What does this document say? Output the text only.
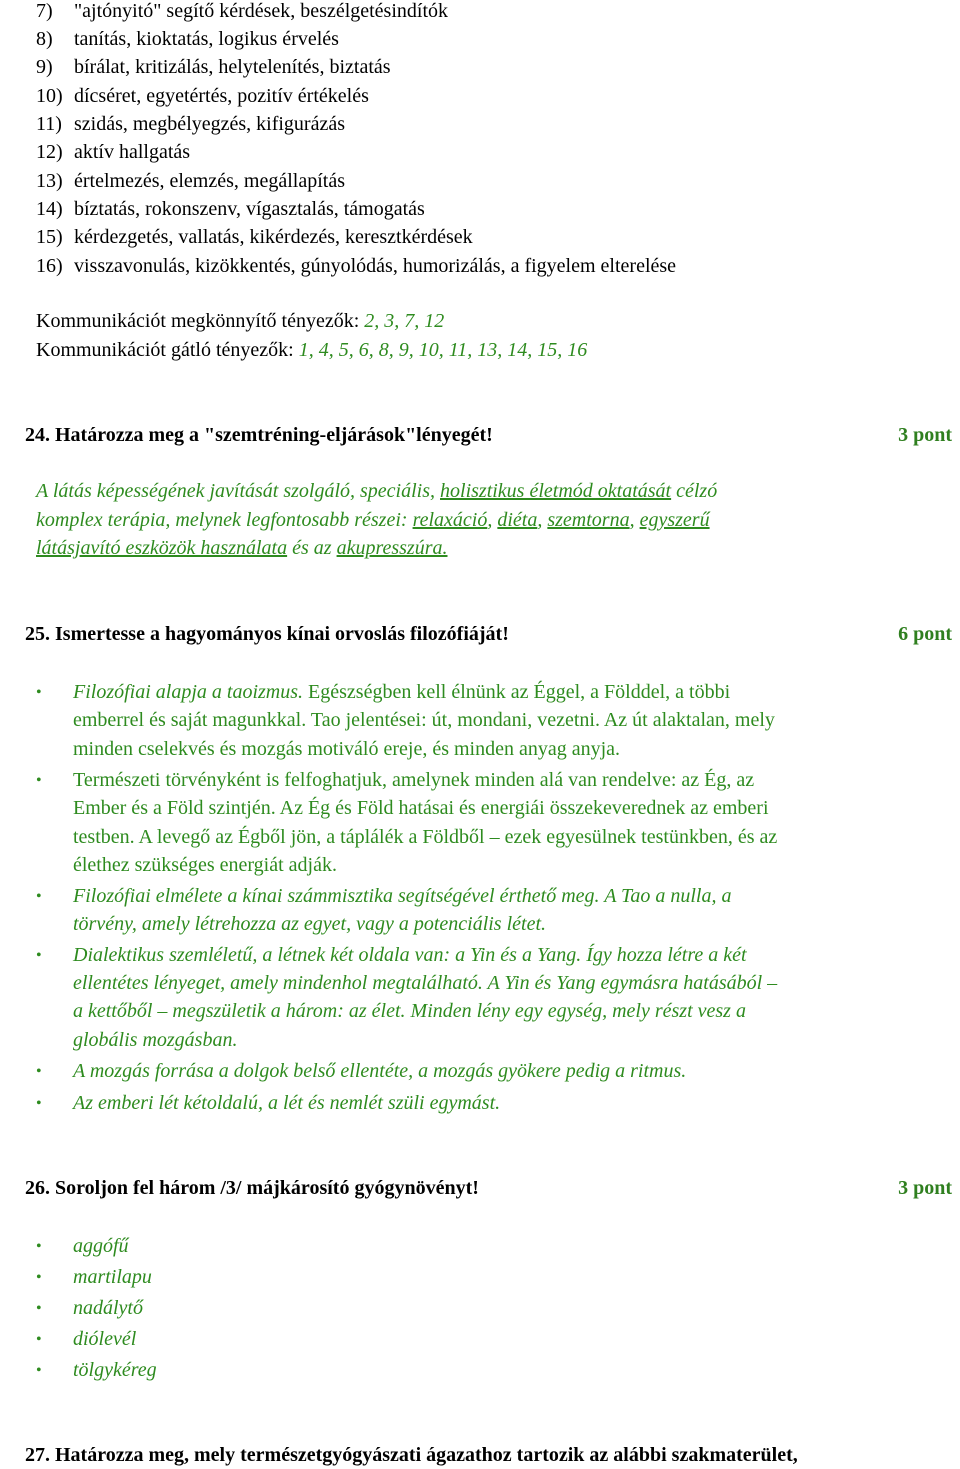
7) "ajtónyitó" segítő kérdések, beszélgetésindítók
8) tanítás, kioktatás, logikus érvelés
9) bírálat, kritizálás, helytelenítés, biztatás
10) dícséret, egyetértés, pozitív értékelés
11) szidás, megbélyegzés, kifigurázás
12) aktív hallgatás
13) értelmezés, elemzés, megállapítás
14) bíztatás, rokonszenv, vígasztalás, támogatás
15) kérdezgetés, vallatás, kikérdezés, keresztkérdések
16) visszavonulás, kizökkentés, gúnyolódás, humorizálás, a figyelem elterelése
Kommunikációt megkönnyítő tényezők: 2, 3, 7, 12
Kommunikációt gátló tényezők: 1, 4, 5, 6, 8, 9, 10, 11, 13, 14, 15, 16
24. Határozza meg a "szemtréning-eljárások"lényegét!	3 pont
A látás képességének javítását szolgáló, speciális, holisztikus életmód oktatását célzó
komplex terápia, melynek legfontosabb részei: relaxáció, diéta, szemtorna, egyszerű
látásjavító eszközök használata és az akupresszúra.
25. Ismertesse a hagyományos kínai orvoslás filozófiáját!	6 pont
• Filozófiai alapja a taoizmus. Egészségben kell élnünk az Éggel, a Földdel, a többi
emberrel és saját magunkkal. Tao jelentései: út, mondani, vezetni. Az út alaktalan, mely
minden cselekvés és mozgás motiváló ereje, és minden anyag anyja.
• Természeti törvényként is felfoghatjuk, amelynek minden alá van rendelve: az Ég, az
Ember és a Föld szintjén. Az Ég és Föld hatásai és energiái összekeverednek az emberi
testben. A levegő az Égből jön, a táplálék a Földből – ezek egyesülnek testünkben, és az
élethez szükséges energiát adják.
• Filozófiai elmélete a kínai számmisztika segítségével érthető meg. A Tao a nulla, a
törvény, amely létrehozza az egyet, vagy a potenciális létet.
• Dialektikus szemléletű, a létnek két oldala van: a Yin és a Yang. Így hozza létre a két
ellentétes lényeget, amely mindenhol megtalálható. A Yin és Yang egymásra hatásából –
a kettőből – megszületik a három: az élet. Minden lény egy egység, mely részt vesz a
globális mozgásban.
• A mozgás forrása a dolgok belső ellentéte, a mozgás gyökere pedig a ritmus.
• Az emberi lét kétoldalú, a lét és nemlét szüli egymást.
26. Soroljon fel három /3/ májkárosító gyógynövényt!	3 pont
• aggófű
• martilapu
• nadálytő
• diólevél
• tölgykéreg
27. Határozza meg, mely természetgyógyászati ágazathoz tartozik az alábbi szakmaterület,
